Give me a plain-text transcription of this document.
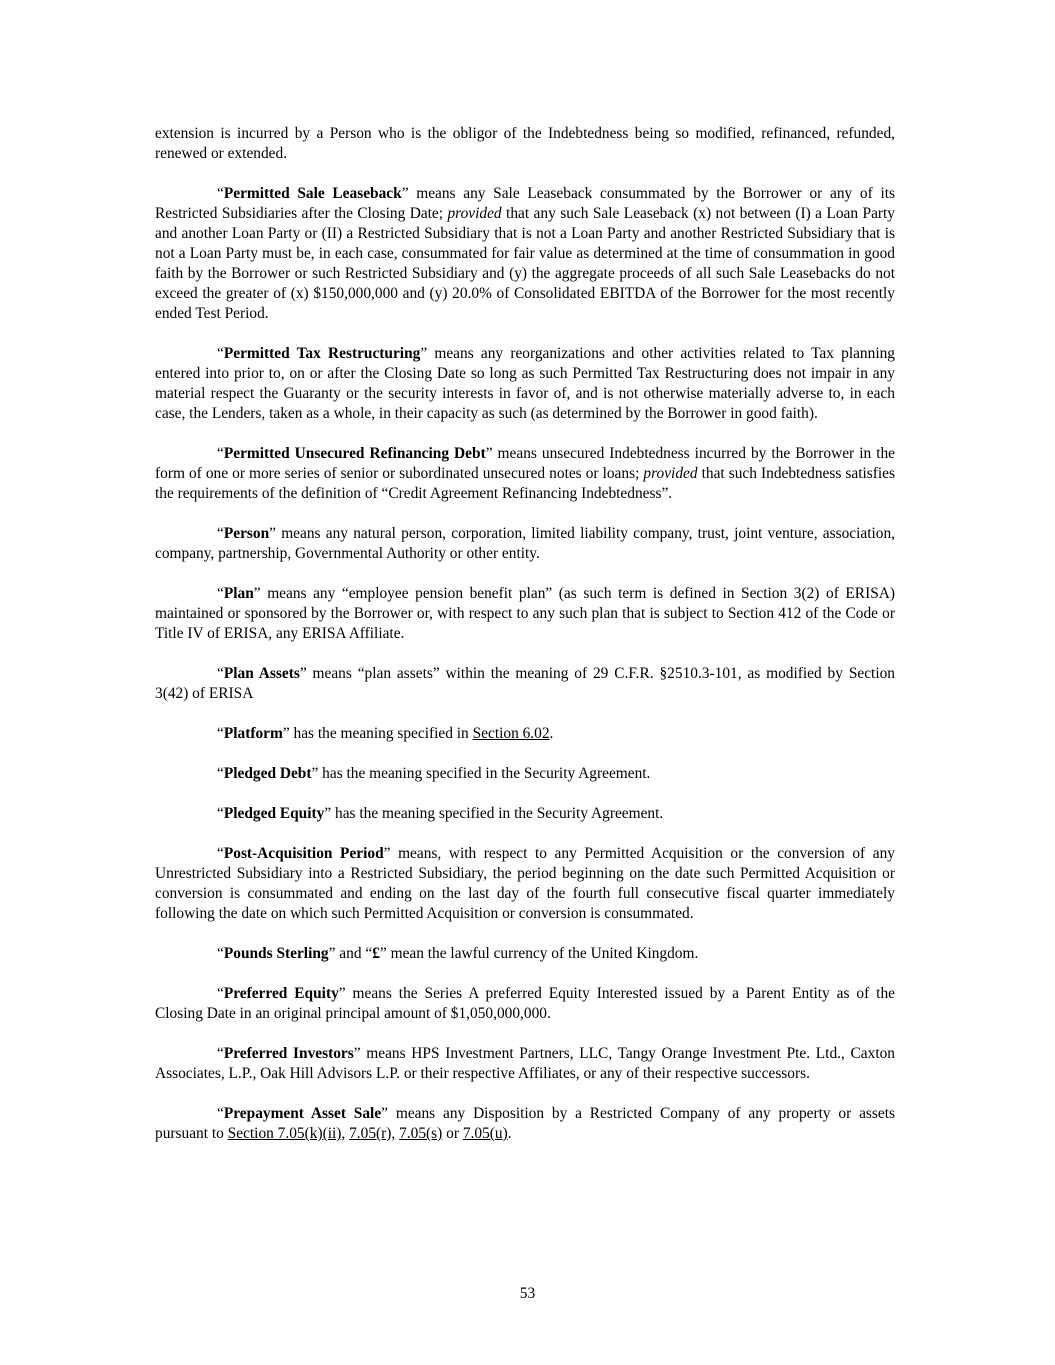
extension is incurred by a Person who is the obligor of the Indebtedness being so modified, refinanced, refunded, renewed or extended.

“Permitted Sale Leaseback” means any Sale Leaseback consummated by the Borrower or any of its Restricted Subsidiaries after the Closing Date; provided that any such Sale Leaseback (x) not between (I) a Loan Party and another Loan Party or (II) a Restricted Subsidiary that is not a Loan Party and another Restricted Subsidiary that is not a Loan Party must be, in each case, consummated for fair value as determined at the time of consummation in good faith by the Borrower or such Restricted Subsidiary and (y) the aggregate proceeds of all such Sale Leasebacks do not exceed the greater of (x) $150,000,000 and (y) 20.0% of Consolidated EBITDA of the Borrower for the most recently ended Test Period.

“Permitted Tax Restructuring” means any reorganizations and other activities related to Tax planning entered into prior to, on or after the Closing Date so long as such Permitted Tax Restructuring does not impair in any material respect the Guaranty or the security interests in favor of, and is not otherwise materially adverse to, in each case, the Lenders, taken as a whole, in their capacity as such (as determined by the Borrower in good faith).

“Permitted Unsecured Refinancing Debt” means unsecured Indebtedness incurred by the Borrower in the form of one or more series of senior or subordinated unsecured notes or loans; provided that such Indebtedness satisfies the requirements of the definition of “Credit Agreement Refinancing Indebtedness”.

“Person” means any natural person, corporation, limited liability company, trust, joint venture, association, company, partnership, Governmental Authority or other entity.

“Plan” means any “employee pension benefit plan” (as such term is defined in Section 3(2) of ERISA) maintained or sponsored by the Borrower or, with respect to any such plan that is subject to Section 412 of the Code or Title IV of ERISA, any ERISA Affiliate.

“Plan Assets” means “plan assets” within the meaning of 29 C.F.R. §2510.3-101, as modified by Section 3(42) of ERISA

“Platform” has the meaning specified in Section 6.02.

“Pledged Debt” has the meaning specified in the Security Agreement.

“Pledged Equity” has the meaning specified in the Security Agreement.

“Post-Acquisition Period” means, with respect to any Permitted Acquisition or the conversion of any Unrestricted Subsidiary into a Restricted Subsidiary, the period beginning on the date such Permitted Acquisition or conversion is consummated and ending on the last day of the fourth full consecutive fiscal quarter immediately following the date on which such Permitted Acquisition or conversion is consummated.

“Pounds Sterling” and “£” mean the lawful currency of the United Kingdom.

“Preferred Equity” means the Series A preferred Equity Interested issued by a Parent Entity as of the Closing Date in an original principal amount of $1,050,000,000.

“Preferred Investors” means HPS Investment Partners, LLC, Tangy Orange Investment Pte. Ltd., Caxton Associates, L.P., Oak Hill Advisors L.P. or their respective Affiliates, or any of their respective successors.

“Prepayment Asset Sale” means any Disposition by a Restricted Company of any property or assets pursuant to Section 7.05(k)(ii), 7.05(r), 7.05(s) or 7.05(u).

53
